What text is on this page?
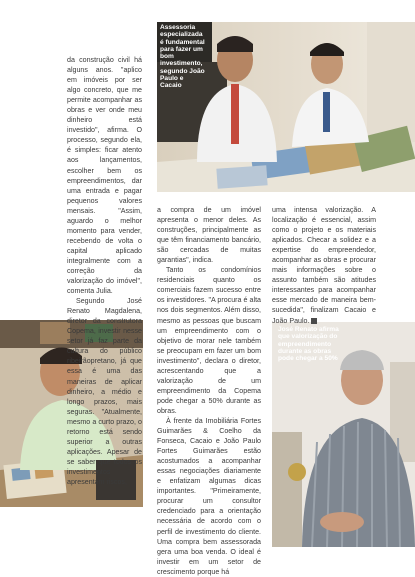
Assessoria especializada é fundamental para fazer um bom investimento, segundo João Paulo e Cacaio
José Renato afirma que valorização do empreendimento durante as obras pode chegar a 50%

da construção civil há alguns anos. "aplico em imóveis por ser algo concreto, que me permite acompanhar as obras e ver onde meu dinheiro está investido", afirma. O processo, segundo ela, é simples: ficar atento aos lançamentos, escolher bem os empreendimentos, dar uma entrada e pagar pequenos valores mensais. "Assim, aguardo o melhor momento para vender, recebendo de volta o capital aplicado integralmente com a correção da valorização do imóvel", comenta Julia.

Segundo José Renato Magdalena, diretor da construtora Copema, investir nesse setor já faz parte da cultura do público ribeirãopretano, já que essa é uma das maneiras de aplicar dinheiro, a médio e longo prazos, mais seguras. "Atualmente, mesmo a curto prazo, o retorno está sendo superior a outras aplicações. Apesar de se saber que todos os investimentos apresentam riscos,

a compra de um imóvel apresenta o menor deles. As construções, principalmente as que têm financiamento bancário, são cercadas de muitas garantias", indica.

Tanto os condomínios residenciais quanto os comerciais fazem sucesso entre os investidores. "A procura é alta nos dois segmentos. Além disso, mesmo as pessoas que buscam um empreendimento com o objetivo de morar nele também se preocupam em fazer um bom investimento", declara o diretor, acrescentando que a valorização de um empreendimento da Copema pode chegar a 50% durante as obras.

À frente da Imobiliária Fortes Guimarães & Coelho da Fonseca, Cacaio e João Paulo Fortes Guimarães estão acostumados a acompanhar essas negociações diariamente e enfatizam algumas dicas importantes. "Primeiramente, procurar um consultor credenciado para a orientação necessária de acordo com o perfil de investimento do cliente. Uma compra bem assessorada gera uma boa venda. O ideal é investir em um setor de crescimento porque há

uma intensa valorização. A localização é essencial, assim como o projeto e os materiais aplicados. Checar a solidez e a expertise do empreendedor, acompanhar as obras e procurar mais informações sobre o assunto também são atitudes interessantes para acompanhar esse mercado de maneira bem-sucedida", finalizam Cacaio e João Paulo.
